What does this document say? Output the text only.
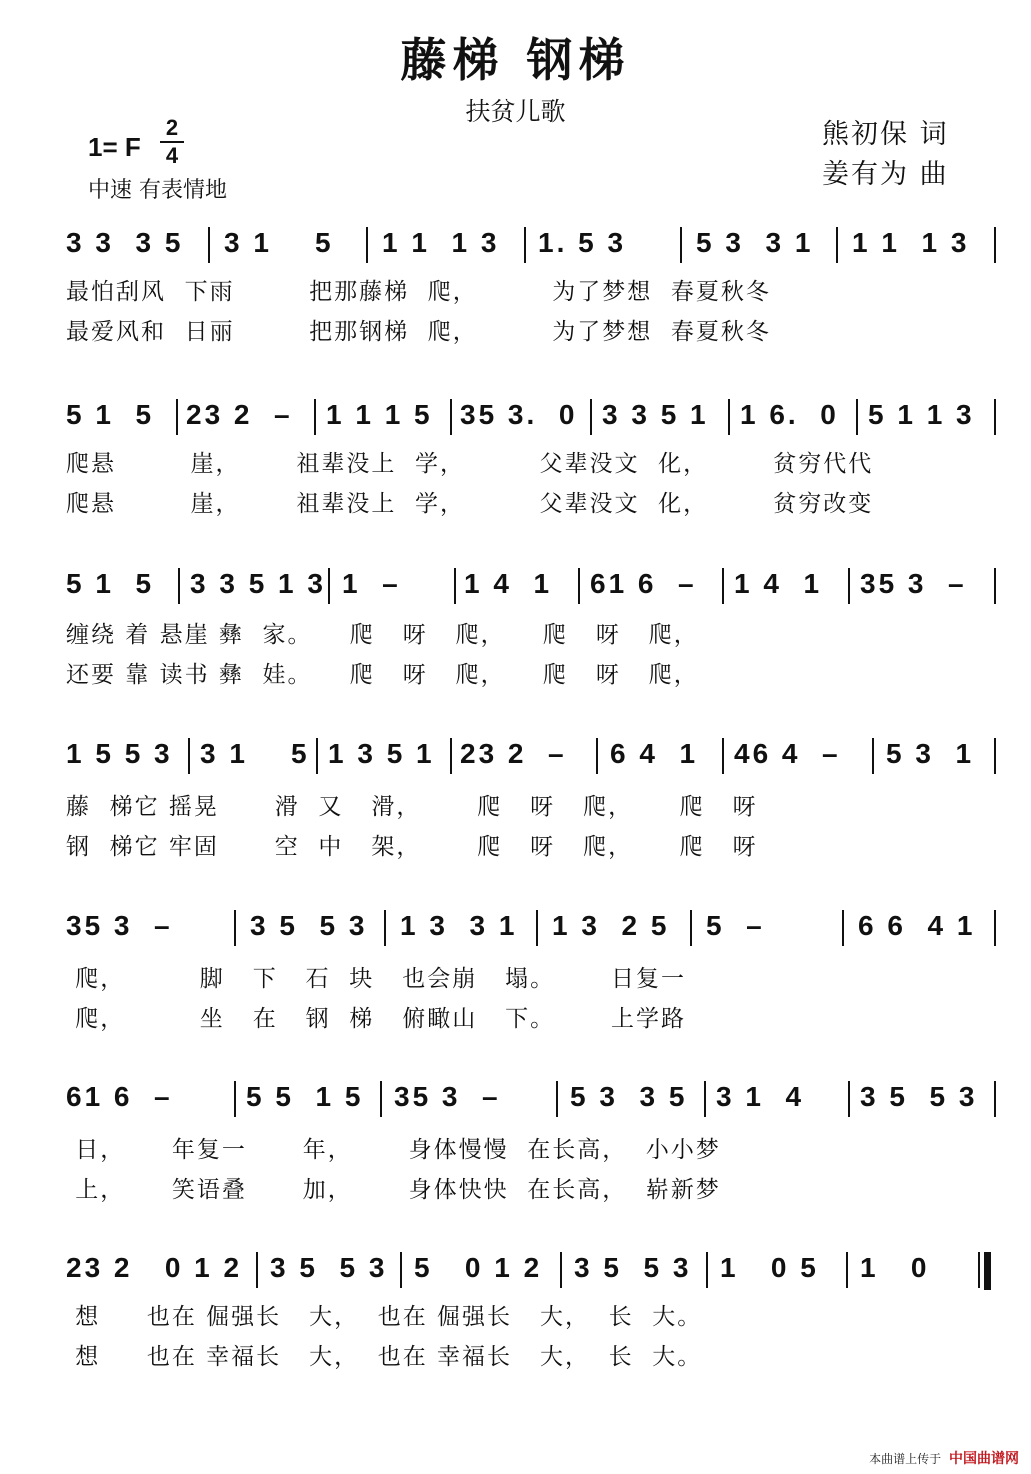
藤梯 钢梯
扶贫儿歌
熊初保 词
姜有为 曲
1= F
2
4
中速 有表情地
3 3  3 5 3 1    5 1 1  1 3 1. 5 3 5 3  3 1 1 1  1 3
最怕刮风  下雨        把那藤梯  爬，        为了梦想  春夏秋冬
最爱风和  日丽        把那钢梯  爬，        为了梦想  春夏秋冬
5 1  5 23 2  – 1 1 1 5 35 3.  0 3 3 5 1 1 6.  0 5 1 1 3
爬悬        崖，      祖辈没上  学，        父辈没文  化，       贫穷代代
爬悬        崖，      祖辈没上  学，        父辈没文  化，       贫穷改变
5 1  5 3 3 5 1 3 1  – 1 4  1 61 6  – 1 4  1 35 3  –
缠绕 着 悬崖 彝  家。    爬   呀   爬，    爬   呀   爬，
还要 靠 读书 彝  娃。    爬   呀   爬，    爬   呀   爬，
1 5 5 3 3 1    5 1 3 5 1 23 2  – 6 4  1 46 4  – 5 3  1
藤  梯它 摇晃      滑  又   滑，      爬   呀   爬，     爬   呀
钢  梯它 牢固      空  中   架，      爬   呀   爬，     爬   呀
35 3  –	3 5  5 3 1 3  3 1 1 3  2 5 5  –	6 6  4 1
爬，        脚   下   石  块   也会崩   塌。      日复一
爬，        坐   在   钢  梯   俯瞰山   下。      上学路
61 6  –	5 5  1 5 35 3  – 5 3  3 5 3 1  4 3 5  5 3
日，     年复一      年，      身体慢慢  在长高，  小小梦
上，     笑语叠      加，      身体快快  在长高，  崭新梦
23 2   0 1 2 3 5  5 3 5   0 1 2 3 5  5 3 1   0 5 1   0
想     也在 倔强长   大，  也在 倔强长   大，  长  大。
想     也在 幸福长   大，  也在 幸福长   大，  长  大。
本曲谱上传于 中国曲谱网
